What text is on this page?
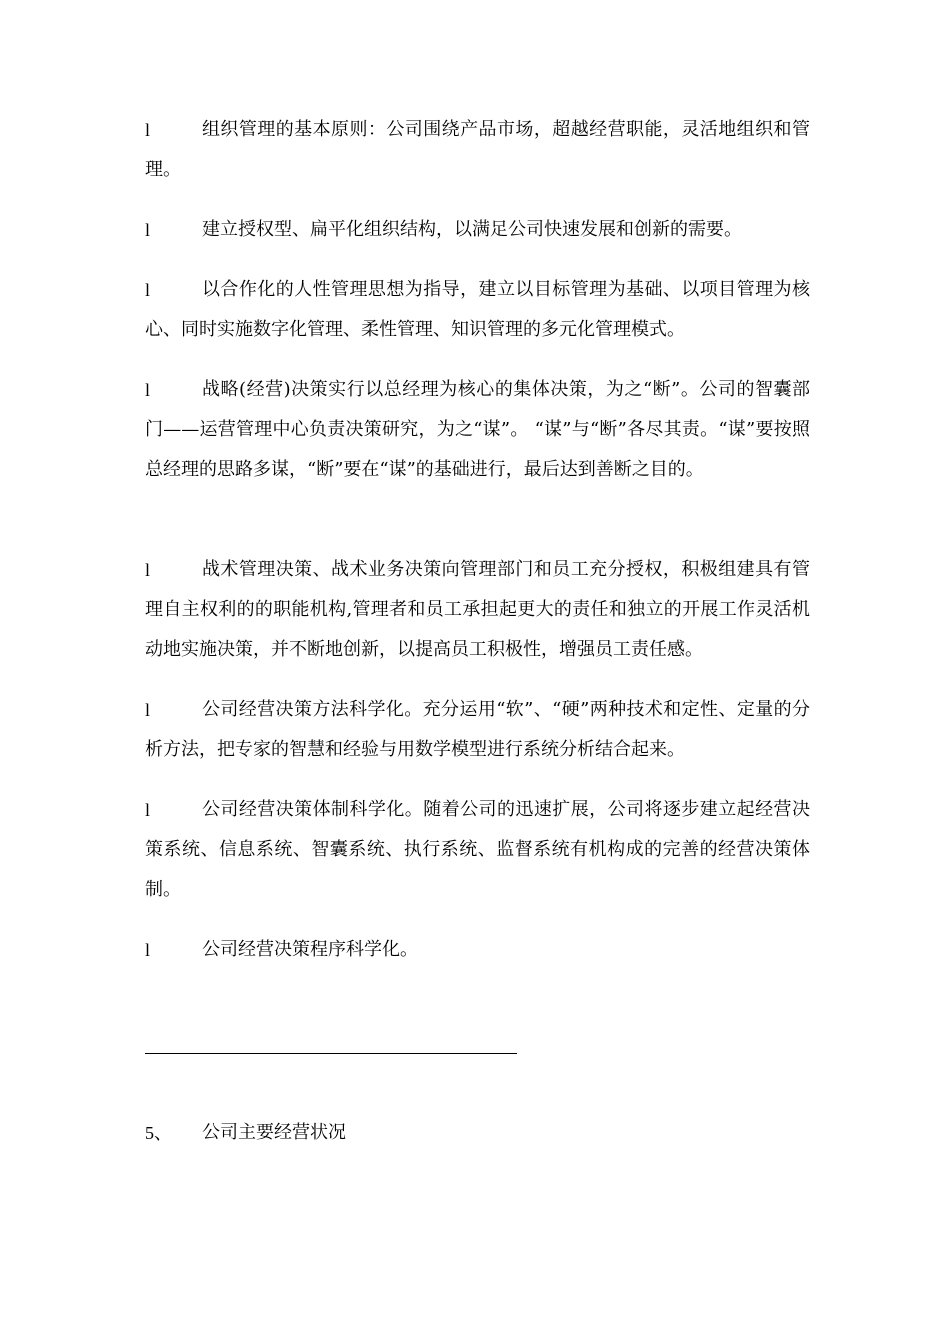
l	组织管理的基本原则：公司围绕产品市场，超越经营职能，灵活地组织和管理。

l	建立授权型、扁平化组织结构，以满足公司快速发展和创新的需要。

l	以合作化的人性管理思想为指导，建立以目标管理为基础、以项目管理为核心、同时实施数字化管理、柔性管理、知识管理的多元化管理模式。

l	战略(经营)决策实行以总经理为核心的集体决策，为之“断”。公司的智囊部门——运营管理中心负责决策研究，为之“谋”。 “谋”与“断”各尽其责。“谋”要按照总经理的思路多谋，“断”要在“谋”的基础进行，最后达到善断之目的。

l	战术管理决策、战术业务决策向管理部门和员工充分授权，积极组建具有管理自主权利的的职能机构,管理者和员工承担起更大的责任和独立的开展工作灵活机动地实施决策，并不断地创新，以提高员工积极性，增强员工责任感。

l	公司经营决策方法科学化。充分运用“软”、“硬”两种技术和定性、定量的分析方法，把专家的智慧和经验与用数学模型进行系统分析结合起来。

l	公司经营决策体制科学化。随着公司的迅速扩展，公司将逐步建立起经营决策系统、信息系统、智囊系统、执行系统、监督系统有机构成的完善的经营决策体制。

l	公司经营决策程序科学化。

5、 公司主要经营状况
